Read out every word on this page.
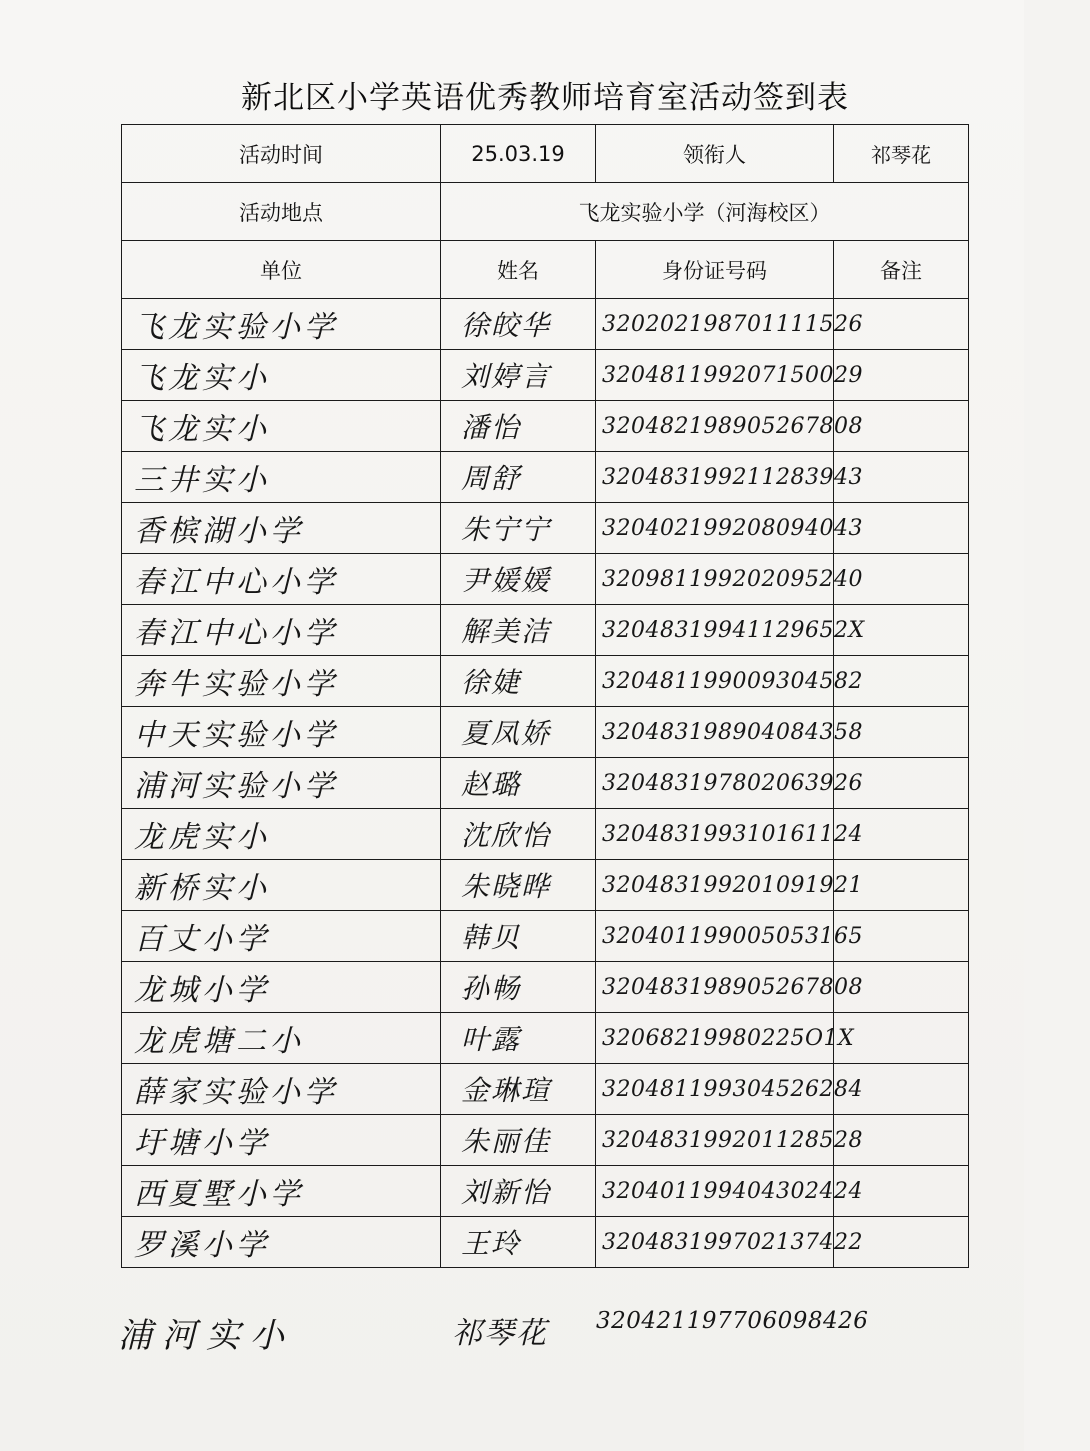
新北区小学英语优秀教师培育室活动签到表
活动时间	25.03.19	领衔人	祁琴花
活动地点	飞龙实验小学（河海校区）		
单位	姓名	身份证号码	备注
飞龙实验小学	徐皎华	320202198701111526	
飞龙实小	刘婷言	320481199207150029	
飞龙实小	潘怡	320482198905267808	
三井实小	周舒	320483199211283943	
香槟湖小学	朱宁宁	320402199208094043	
春江中心小学	尹媛媛	320981199202095240	
春江中心小学	解美洁	32048319941129652X	
奔牛实验小学	徐婕	320481199009304582	
中天实验小学	夏凤娇	320483198904084358	
浦河实验小学	赵璐	320483197802063926	
龙虎实小	沈欣怡	320483199310161124	
新桥实小	朱晓晔	320483199201091921	
百丈小学	韩贝	320401199005053165	
龙城小学	孙畅	320483198905267808	
龙虎塘二小	叶露	32068219980225O1X	
薛家实验小学	金琳瑄	320481199304526284	
圩塘小学	朱丽佳	320483199201128528	
西夏墅小学	刘新怡	320401199404302424	
罗溪小学	王玲	320483199702137422	
浦河实小	祁琴花 320421197706098426
